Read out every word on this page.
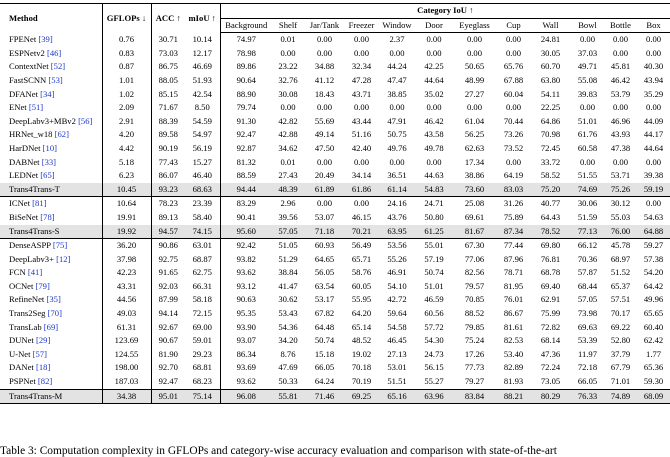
Method	GFLOPs ↓	ACC ↑	mIoU ↑	Category IoU ↑											
				Background	Shelf	Jar/Tank	Freezer	Window	Door	Eyeglass	Cup	Wall	Bowl	Bottle	Box
FPENet [39]	0.76	30.71	10.14	74.97	0.01	0.00	0.00	2.37	0.00	0.00	0.00	24.81	0.00	0.00	0.00
ESPNetv2 [46]	0.83	73.03	12.17	78.98	0.00	0.00	0.00	0.00	0.00	0.00	0.00	30.05	37.03	0.00	0.00
ContextNet [52]	0.87	86.75	46.69	89.86	23.22	34.88	32.34	44.24	42.25	50.65	65.76	60.70	49.71	45.81	40.30
FastSCNN [53]	1.01	88.05	51.93	90.64	32.76	41.12	47.28	47.47	44.64	48.99	67.88	63.80	55.08	46.42	43.94
DFANet [34]	1.02	85.15	42.54	88.90	30.08	18.43	43.71	38.85	35.02	27.27	60.04	54.11	39.83	53.79	35.29
ENet [51]	2.09	71.67	8.50	79.74	0.00	0.00	0.00	0.00	0.00	0.00	0.00	22.25	0.00	0.00	0.00
DeepLabv3+MBv2 [56]	2.91	88.39	54.59	91.30	42.82	55.69	43.44	47.91	46.42	61.04	70.44	64.86	51.01	46.96	44.09
HRNet_w18 [62]	4.20	89.58	54.97	92.47	42.88	49.14	51.16	50.75	43.58	56.25	73.26	70.98	61.76	43.93	44.17
HarDNet [10]	4.42	90.19	56.19	92.87	34.62	47.50	42.40	49.76	49.78	62.63	73.52	72.45	60.58	47.38	44.64
DABNet [33]	5.18	77.43	15.27	81.32	0.01	0.00	0.00	0.00	0.00	17.34	0.00	33.72	0.00	0.00	0.00
LEDNet [65]	6.23	86.07	46.40	88.59	27.43	20.49	34.14	36.51	44.63	38.86	64.19	58.52	51.55	53.71	39.38
Trans4Trans-T	10.45	93.23	68.63	94.44	48.39	61.89	61.86	61.14	54.83	73.60	83.03	75.20	74.69	75.26	59.19
ICNet [81]	10.64	78.23	23.39	83.29	2.96	0.00	0.00	24.16	24.71	25.08	31.26	40.77	30.06	30.12	0.00
BiSeNet [78]	19.91	89.13	58.40	90.41	39.56	53.07	46.15	43.76	50.80	69.61	75.89	64.43	51.59	55.03	54.63
Trans4Trans-S	19.92	94.57	74.15	95.60	57.05	71.18	70.21	63.95	61.25	81.67	87.34	78.52	77.13	76.00	64.88
DenseASPP [75]	36.20	90.86	63.01	92.42	51.05	60.93	56.49	53.56	55.01	67.30	77.44	69.80	66.12	45.78	59.27
DeepLabv3+ [12]	37.98	92.75	68.87	93.82	51.29	64.65	65.71	55.26	57.19	77.06	87.96	76.81	70.36	68.97	57.38
FCN [41]	42.23	91.65	62.75	93.62	38.84	56.05	58.76	46.91	50.74	82.56	78.71	68.78	57.87	51.52	54.20
OCNet [79]	43.31	92.03	66.31	93.12	41.47	63.54	60.05	54.10	51.01	79.57	81.95	69.40	68.44	65.37	64.42
RefineNet [35]	44.56	87.99	58.18	90.63	30.62	53.17	55.95	42.72	46.59	70.85	76.01	62.91	57.05	57.51	49.96
Trans2Seg [70]	49.03	94.14	72.15	95.35	53.43	67.82	64.20	59.64	60.56	88.52	86.67	75.99	73.98	70.17	65.65
TransLab [69]	61.31	92.67	69.00	93.90	54.36	64.48	65.14	54.58	57.72	79.85	81.61	72.82	69.63	69.22	60.40
DUNet [29]	123.69	90.67	59.01	93.07	34.20	50.74	48.52	46.45	54.30	75.24	82.53	68.14	53.39	52.80	62.42
U-Net [57]	124.55	81.90	29.23	86.34	8.76	15.18	19.02	27.13	24.73	17.26	53.40	47.36	11.97	37.79	1.77
DANet [18]	198.00	92.70	68.81	93.69	47.69	66.05	70.18	53.01	56.15	77.73	82.89	72.24	72.18	67.79	65.36
PSPNet [82]	187.03	92.47	68.23	93.62	50.33	64.24	70.19	51.51	55.27	79.27	81.93	73.05	66.05	71.01	59.30
Trans4Trans-M	34.38	95.01	75.14	96.08	55.81	71.46	69.25	65.16	63.96	83.84	88.21	80.29	76.33	74.89	68.09
Table 3: Computation complexity in GFLOPs and category-wise accuracy evaluation and comparison with state-of-the-art
